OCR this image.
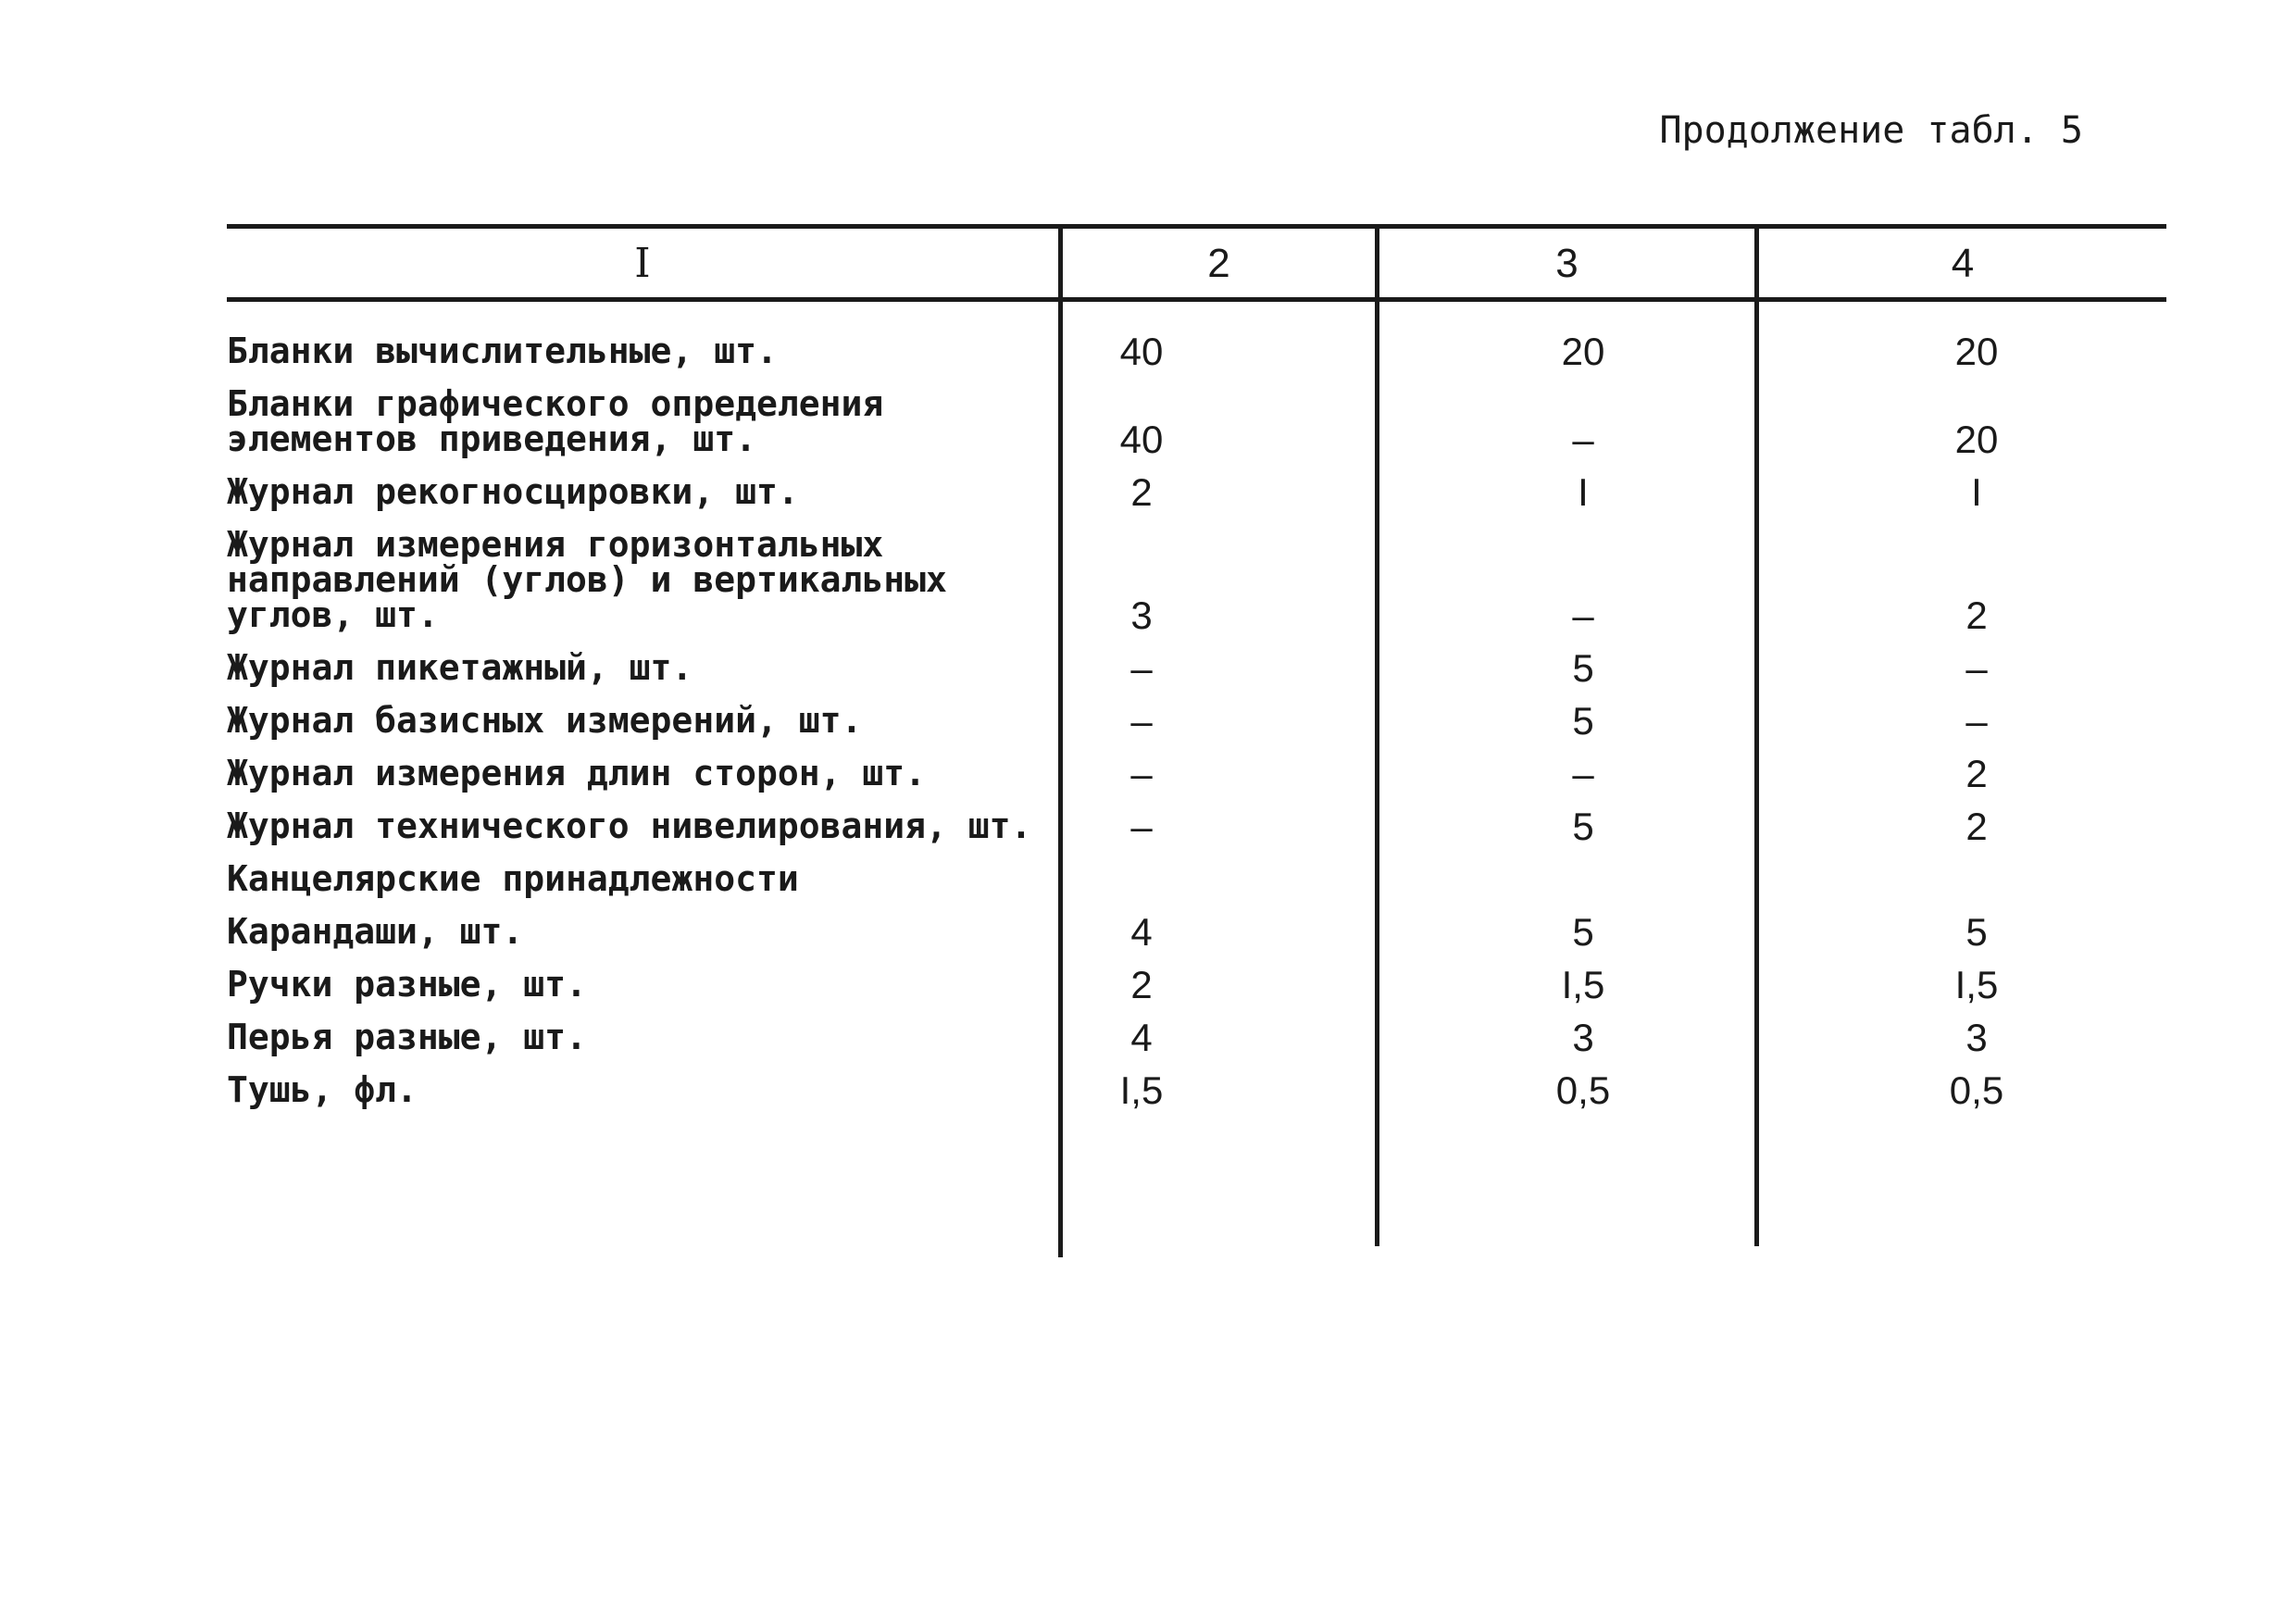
Продолжение табл. 5
I	2	3	4
Бланки вычислительные, шт.	40	20	20
Бланки графического определения
элементов приведения, шт.	40	–	20
Журнал рекогносцировки, шт.	2	I	I
Журнал измерения горизонтальных
направлений (углов) и вертикальных
углов, шт.	3	–	2
Журнал пикетажный, шт.	–	5	–
Журнал базисных измерений, шт.	–	5	–
Журнал измерения длин сторон, шт.	–	–	2
Журнал технического нивелирования, шт.	–	5	2
Канцелярские принадлежности
Карандаши, шт.	4	5	5
Ручки разные, шт.	2	I,5	I,5
Перья разные, шт.	4	3	3
Тушь, фл.	I,5	0,5	0,5
